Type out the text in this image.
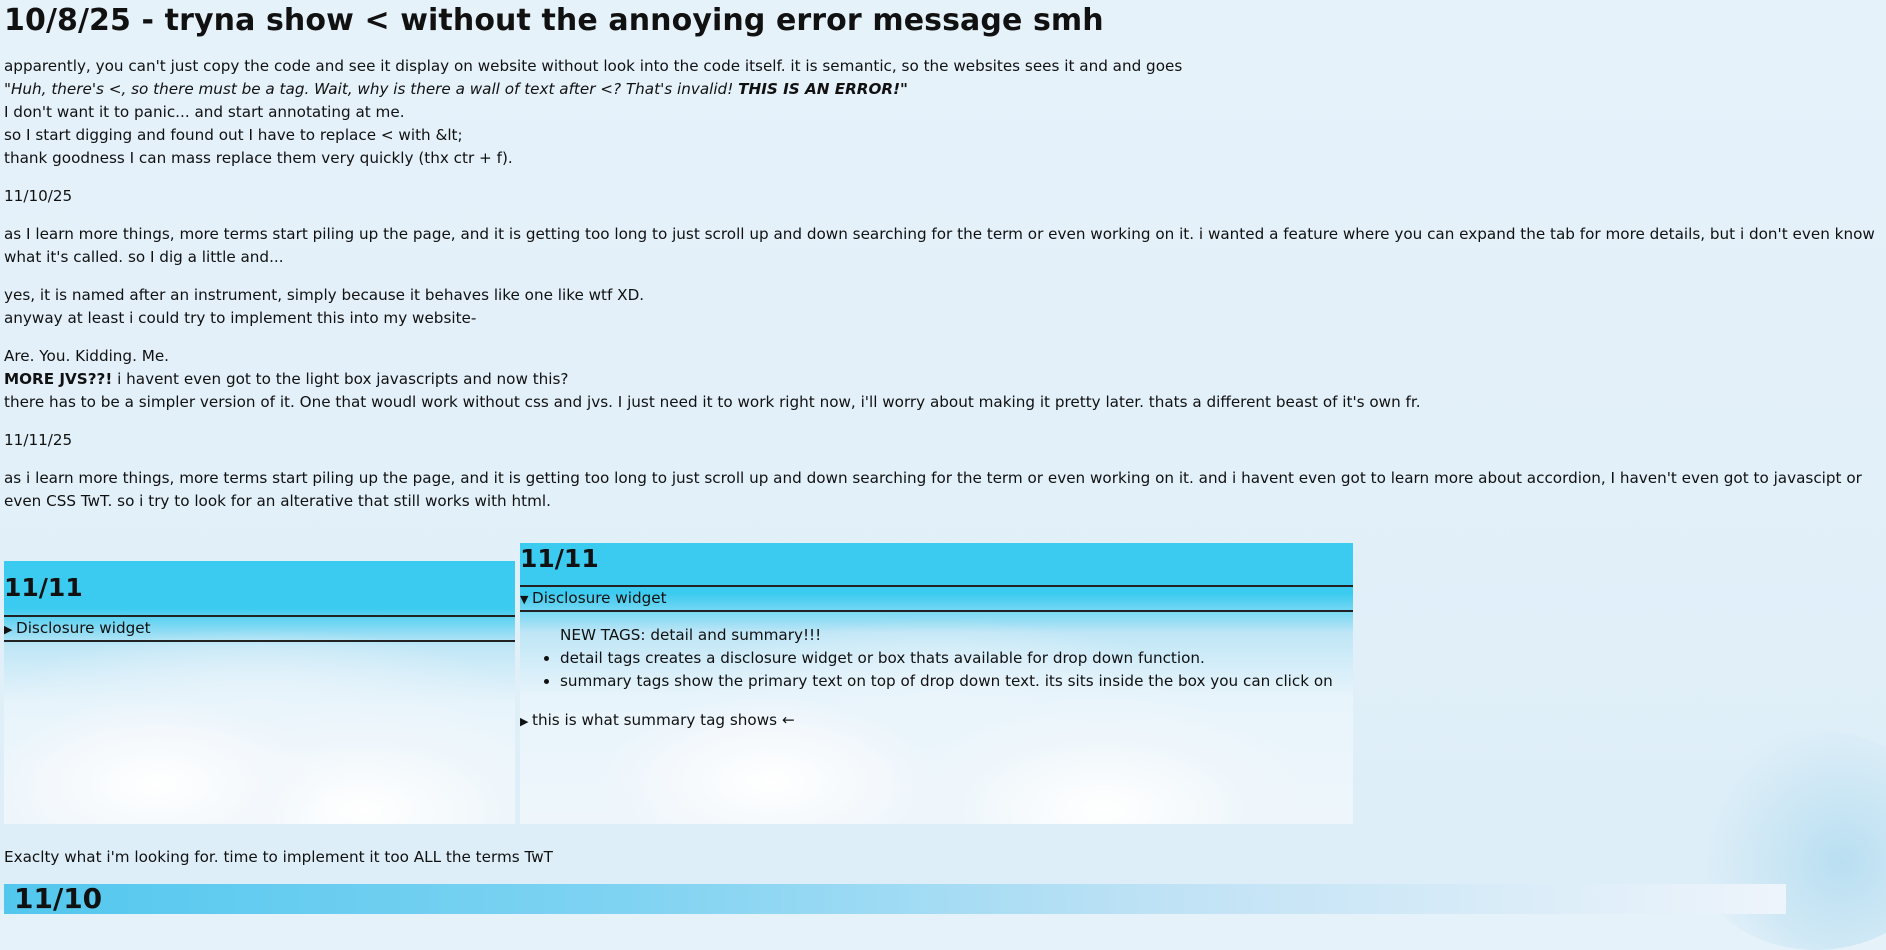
10/8/25 - tryna show < without the annoying error message smh

apparently, you can't just copy the code and see it display on website without look into the code itself. it is semantic, so the websites sees it and and goes

"Huh, there's <, so there must be a tag. Wait, why is there a wall of text after <? That's invalid! THIS IS AN ERROR!"

I don't want it to panic... and start annotating at me.

so I start digging and found out I have to replace < with &lt;

thank goodness I can mass replace them very quickly (thx ctr + f).

11/10/25

as I learn more things, more terms start piling up the page, and it is getting too long to just scroll up and down searching for the term or even working on it. i wanted a feature where you can expand the tab for more details, but i don't even know what it's called. so I dig a little and...

yes, it is named after an instrument, simply because it behaves like one like wtf XD.

anyway at least i could try to implement this into my website-

Are. You. Kidding. Me.

MORE JVS??! i havent even got to the light box javascripts and now this?

there has to be a simpler version of it. One that woudl work without css and jvs. I just need it to work right now, i'll worry about making it pretty later. thats a different beast of it's own fr.

11/11/25

as i learn more things, more terms start piling up the page, and it is getting too long to just scroll up and down searching for the term or even working on it. and i havent even got to learn more about accordion, I haven't even got to javascipt or even CSS TwT. so i try to look for an alterative that still works with html.

11/11
▶ Disclosure widget
11/11
▼ Disclosure widget
NEW TAGS: detail and summary!!!
• detail tags creates a disclosure widget or box thats available for drop down function.
• summary tags show the primary text on top of drop down text. its sits inside the box you can click on
▶ this is what summary tag shows ←

Exaclty what i'm looking for. time to implement it too ALL the terms TwT

11/10
